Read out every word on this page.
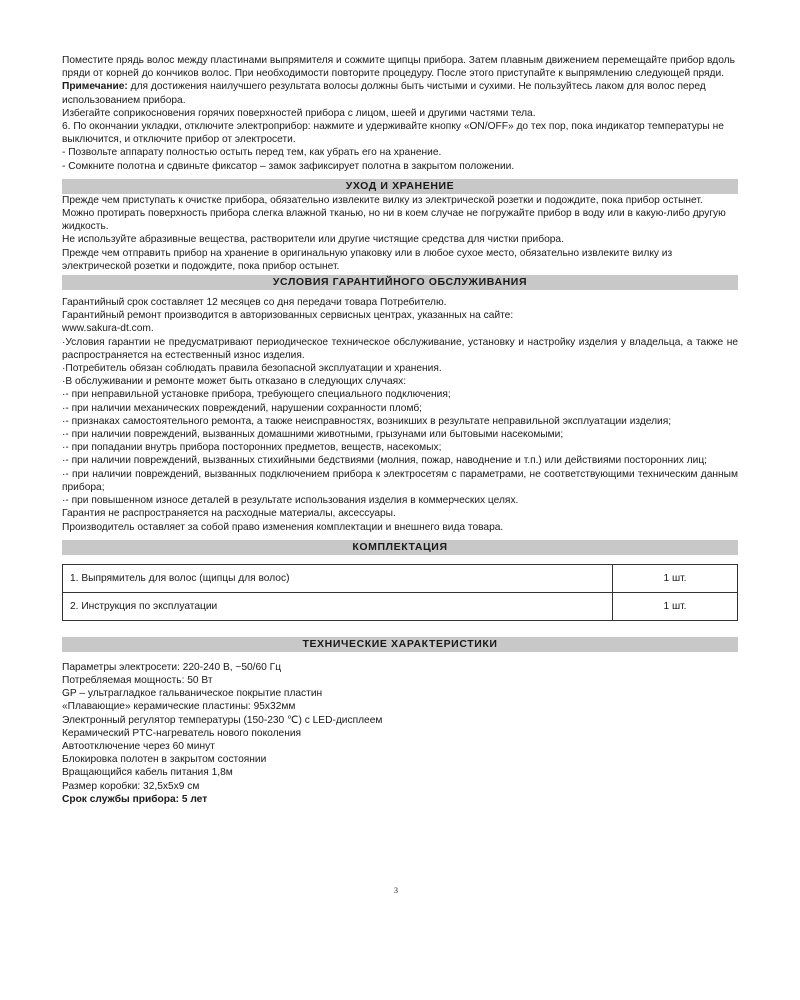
Поместите прядь волос между пластинами выпрямителя и сожмите щипцы прибора. Затем плавным движением перемещайте прибор вдоль пряди от корней до кончиков волос. При необходимости повторите процедуру. После этого приступайте к выпрямлению следующей пряди.

Примечание: для достижения наилучшего результата волосы должны быть чистыми и сухими. Не пользуйтесь лаком для волос перед использованием прибора.

Избегайте соприкосновения горячих поверхностей прибора с лицом, шеей и другими частями тела.

6. По окончании укладки, отключите электроприбор: нажмите и удерживайте кнопку «ON/OFF» до тех пор, пока индикатор температуры не выключится, и отключите прибор от электросети.

- Позвольте аппарату полностью остыть перед тем, как убрать его на хранение.

- Сомкните полотна и сдвиньте фиксатор – замок зафиксирует полотна в закрытом положении.

УХОД И ХРАНЕНИЕ

Прежде чем приступать к очистке прибора, обязательно извлеките вилку из электрической розетки и подождите, пока прибор остынет.

Можно протирать поверхность прибора слегка влажной тканью, но ни в коем случае не погружайте прибор в воду или в какую-либо другую жидкость.

Не используйте абразивные вещества, растворители или другие чистящие средства для чистки прибора.

Прежде чем отправить прибор на хранение в оригинальную упаковку или в любое сухое место, обязательно извлеките вилку из электрической розетки и подождите, пока прибор остынет.

УСЛОВИЯ ГАРАНТИЙНОГО ОБСЛУЖИВАНИЯ

Гарантийный срок составляет 12 месяцев со дня передачи товара Потребителю.

Гарантийный ремонт производится в авторизованных сервисных центрах, указанных на сайте:

www.sakura-dt.com.

·Условия гарантии не предусматривают периодическое техническое обслуживание, установку и настройку изделия у владельца, а также не распространяется на естественный износ изделия.

·Потребитель обязан соблюдать правила безопасной эксплуатации и хранения.

·В обслуживании и ремонте может быть отказано в следующих случаях:

·- при неправильной установке прибора, требующего специального подключения;

·- при наличии механических повреждений, нарушении сохранности пломб;

·- признаках самостоятельного ремонта, а также неисправностях, возникших в результате неправильной эксплуатации изделия;

·- при наличии повреждений, вызванных домашними животными, грызунами или бытовыми насекомыми;

·- при попадании внутрь прибора посторонних предметов, веществ, насекомых;

·- при наличии повреждений, вызванных стихийными бедствиями (молния, пожар, наводнение и т.п.) или действиями посторонних лиц;

·- при наличии повреждений, вызванных подключением прибора к электросетям с параметрами, не соответствующими техническим данным прибора;

·- при повышенном износе деталей в результате использования изделия в коммерческих целях.

Гарантия не распространяется на расходные материалы, аксессуары.

Производитель оставляет за собой право изменения комплектации и внешнего вида товара.

КОМПЛЕКТАЦИЯ
1. Выпрямитель для волос (щипцы для волос)	1 шт.
2. Инструкция по эксплуатации	1 шт.
ТЕХНИЧЕСКИЕ ХАРАКТЕРИСТИКИ

Параметры электросети: 220-240 В, ~50/60 Гц

Потребляемая мощность: 50 Вт

GP – ультрагладкое гальваническое покрытие пластин

«Плавающие» керамические пластины: 95х32мм

Электронный регулятор температуры (150-230 ℃) с LED-дисплеем

Керамический PTC-нагреватель нового поколения

Автоотключение через 60 минут

Блокировка полотен в закрытом состоянии

Вращающийся кабель питания 1,8м

Размер коробки: 32,5х5х9 см

Срок службы прибора: 5 лет

3
